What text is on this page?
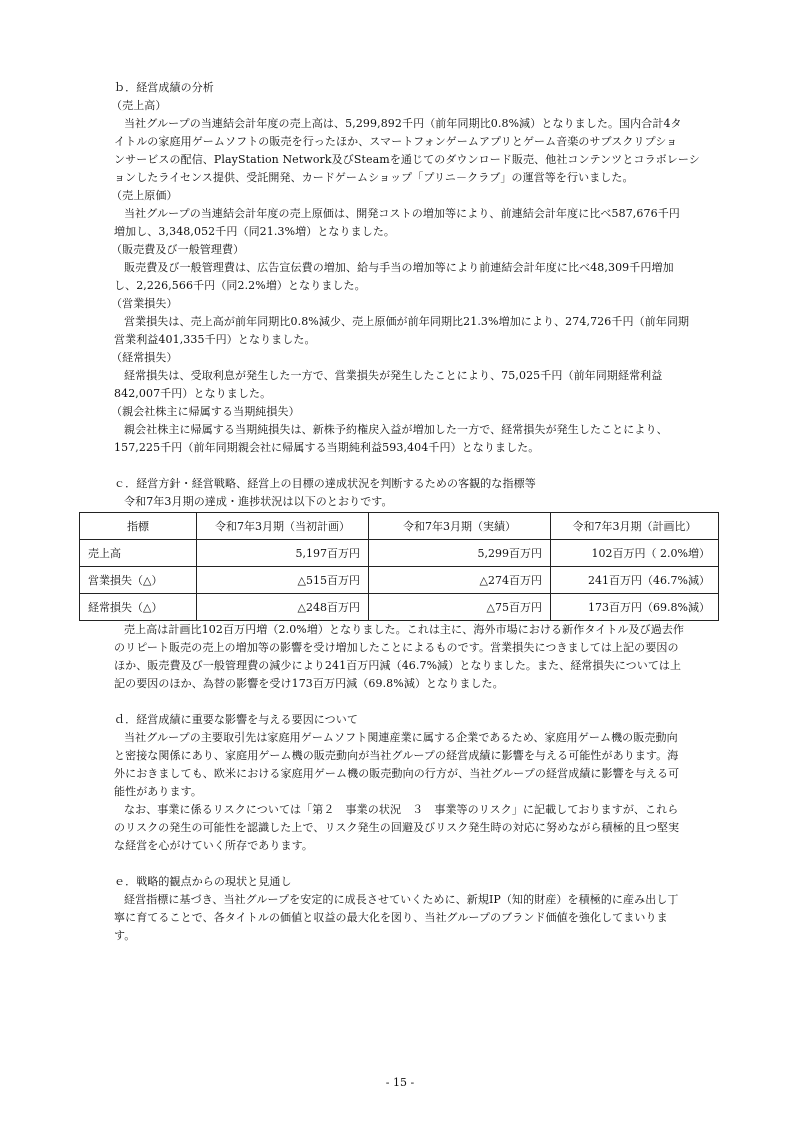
ｂ．経営成績の分析
（売上高）
当社グループの当連結会計年度の売上高は、5,299,892千円（前年同期比0.8%減）となりました。国内合計4タ
イトルの家庭用ゲームソフトの販売を行ったほか、スマートフォンゲームアプリとゲーム音楽のサブスクリプショ
ンサービスの配信、PlayStation Network及びSteamを通じてのダウンロード販売、他社コンテンツとコラボレーシ
ョンしたライセンス提供、受託開発、カードゲームショップ「プリニ－クラブ」の運営等を行いました。
（売上原価）
当社グループの当連結会計年度の売上原価は、開発コストの増加等により、前連結会計年度に比べ587,676千円
増加し、3,348,052千円（同21.3%増）となりました。
（販売費及び一般管理費）
販売費及び一般管理費は、広告宣伝費の増加、給与手当の増加等により前連結会計年度に比べ48,309千円増加
し、2,226,566千円（同2.2%増）となりました。
（営業損失）
営業損失は、売上高が前年同期比0.8%減少、売上原価が前年同期比21.3%増加により、274,726千円（前年同期
営業利益401,335千円）となりました。
（経常損失）
経常損失は、受取利息が発生した一方で、営業損失が発生したことにより、75,025千円（前年同期経常利益
842,007千円）となりました。
（親会社株主に帰属する当期純損失）
親会社株主に帰属する当期純損失は、新株予約権戻入益が増加した一方で、経常損失が発生したことにより、
157,225千円（前年同期親会社に帰属する当期純利益593,404千円）となりました。
ｃ．経営方針・経営戦略、経営上の目標の達成状況を判断するための客観的な指標等
令和7年3月期の達成・進捗状況は以下のとおりです。
売上高は計画比102百万円増（2.0%増）となりました。これは主に、海外市場における新作タイトル及び過去作
のリピート販売の売上の増加等の影響を受け増加したことによるものです。営業損失につきましては上記の要因の
ほか、販売費及び一般管理費の減少により241百万円減（46.7%減）となりました。また、経常損失については上
記の要因のほか、為替の影響を受け173百万円減（69.8%減）となりました。
ｄ．経営成績に重要な影響を与える要因について
当社グループの主要取引先は家庭用ゲームソフト関連産業に属する企業であるため、家庭用ゲーム機の販売動向
と密接な関係にあり、家庭用ゲーム機の販売動向が当社グループの経営成績に影響を与える可能性があります。海
外におきましても、欧米における家庭用ゲーム機の販売動向の行方が、当社グループの経営成績に影響を与える可
能性があります。
なお、事業に係るリスクについては「第２　事業の状況　３　事業等のリスク」に記載しておりますが、これら
のリスクの発生の可能性を認識した上で、リスク発生の回避及びリスク発生時の対応に努めながら積極的且つ堅実
な経営を心がけていく所存であります。
ｅ．戦略的観点からの現状と見通し
経営指標に基づき、当社グループを安定的に成長させていくために、新規IP（知的財産）を積極的に産み出し丁
寧に育てることで、各タイトルの価値と収益の最大化を図り、当社グループのブランド価値を強化してまいりま
す。
指標	令和7年3月期（当初計画）	令和7年3月期（実績）	令和7年3月期（計画比）
売上高	5,197百万円	5,299百万円	102百万円（ 2.0%増）
営業損失（△）	△515百万円	△274百万円	241百万円（46.7%減）
経常損失（△）	△248百万円	△75百万円	173百万円（69.8%減）
- 15 -
